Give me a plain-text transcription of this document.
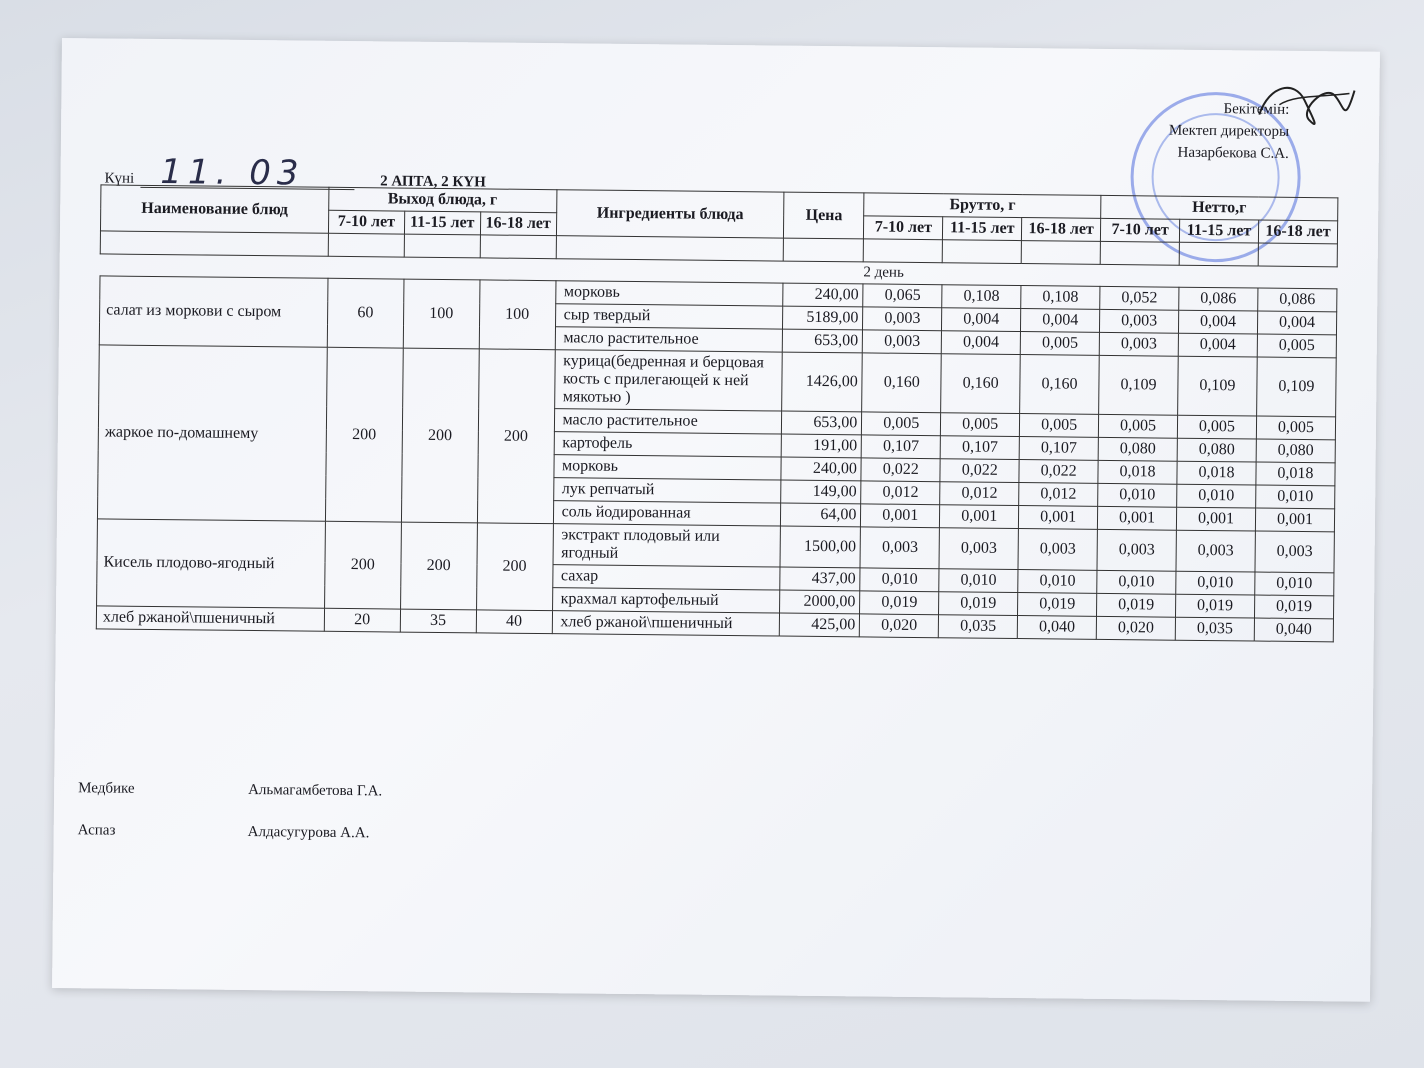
Бекітемін:
Мектеп директоры
Назарбекова С.А.
Күні 11. 03	2 АПТА, 2 КҮН
Наименование блюд	Выход блюда, г			Ингредиенты блюда	Цена	Брутто, г			Нетто,г		
	7-10 лет	11-15 лет	16-18 лет			7-10 лет	11-15 лет	16-18 лет	7-10 лет	11-15 лет	16-18 лет

						2 день					
салат из моркови с сыром	60	100	100	морковь	240,00	0,065	0,108	0,108	0,052	0,086	0,086
				сыр твердый	5189,00	0,003	0,004	0,004	0,003	0,004	0,004
				масло растительное	653,00	0,003	0,004	0,005	0,003	0,004	0,005
жаркое по-домашнему	200	200	200	курица(бедренная и берцовая кость с прилегающей к ней мякотью )	1426,00	0,160	0,160	0,160	0,109	0,109	0,109
				масло растительное	653,00	0,005	0,005	0,005	0,005	0,005	0,005
				картофель	191,00	0,107	0,107	0,107	0,080	0,080	0,080
				морковь	240,00	0,022	0,022	0,022	0,018	0,018	0,018
				лук репчатый	149,00	0,012	0,012	0,012	0,010	0,010	0,010
				соль йодированная	64,00	0,001	0,001	0,001	0,001	0,001	0,001
Кисель плодово-ягодный	200	200	200	экстракт плодовый или ягодный	1500,00	0,003	0,003	0,003	0,003	0,003	0,003
				сахар	437,00	0,010	0,010	0,010	0,010	0,010	0,010
				крахмал картофельный	2000,00	0,019	0,019	0,019	0,019	0,019	0,019
хлеб ржаной\пшеничный	20	35	40	хлеб ржаной\пшеничный	425,00	0,020	0,035	0,040	0,020	0,035	0,040
Медбике	Альмагамбетова Г.А.
Аспаз	Алдасугурова А.А.
